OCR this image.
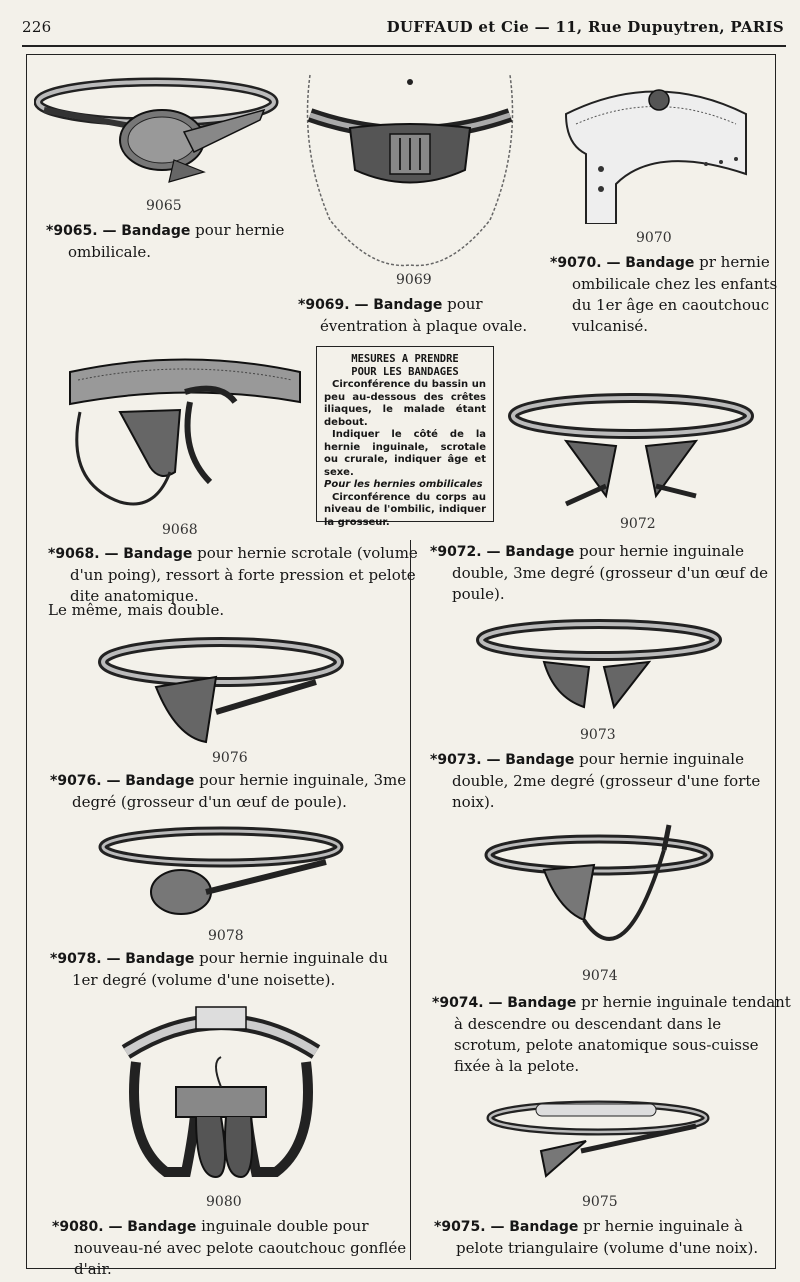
226	DUFFAUD et Cie — 11, Rue Dupuytren, PARIS
9065
*9065. — Bandage pour hernie ombilicale.
9069
*9069. — Bandage pour éventration à plaque ovale.
9070
*9070. — Bandage pr hernie ombilicale chez les enfants du 1er âge en caoutchouc vulcanisé.
9068
*9068. — Bandage pour hernie scrotale (volume d'un poing), ressort à forte pression et pelote dite anatomique.
Le même, mais double.
MESURES A PRENDRE
POUR LES BANDAGES

Circonférence du bassin un peu au-dessous des crêtes iliaques, le malade étant debout.

Indiquer le côté de la hernie inguinale, scrotale ou crurale, indiquer âge et sexe.

Pour les hernies ombilicales

Circonférence du corps au niveau de l'ombilic, indiquer la grosseur.	9072
*9072. — Bandage pour hernie inguinale double, 3me degré (grosseur d'un œuf de poule).
9076
*9076. — Bandage pour hernie inguinale, 3me degré (grosseur d'un œuf de poule).
9073
*9073. — Bandage pour hernie inguinale double, 2me degré (grosseur d'une forte noix).
9078
*9078. — Bandage pour hernie inguinale du 1er degré (volume d'une noisette).	9074
*9074. — Bandage pr hernie inguinale tendant à descendre ou descendant dans le scrotum, pelote anatomique sous-cuisse fixée à la pelote.
9080
*9080. — Bandage inguinale double pour nouveau-né avec pelote caoutchouc gonflée d'air.
9075
*9075. — Bandage pr hernie inguinale à pelote triangulaire (volume d'une noix).
